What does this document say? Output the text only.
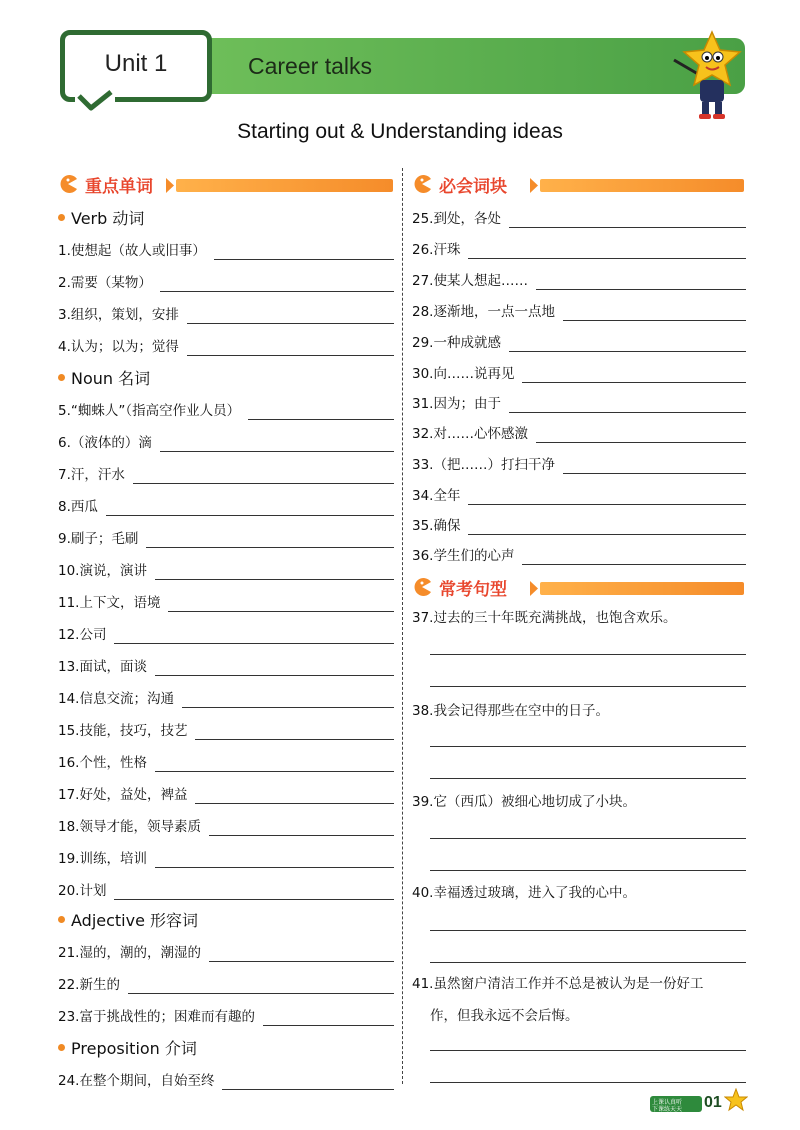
Unit 1	Career talks
Starting out & Understanding ideas
重点单词
Verb 动词
Noun 名词
Adjective 形容词
Preposition 介词
1.使想起（故人或旧事）
2.需要（某物）
3.组织，策划，安排
4.认为；以为；觉得
5.“蜘蛛人”（指高空作业人员）
6.（液体的）滴
7.汗，汗水
8.西瓜
9.刷子；毛刷
10.演说，演讲
11.上下文，语境
12.公司
13.面试，面谈
14.信息交流；沟通
15.技能，技巧，技艺
16.个性，性格
17.好处，益处，裨益
18.领导才能，领导素质
19.训练，培训
20.计划
21.湿的，潮的，潮湿的
22.新生的
23.富于挑战性的；困难而有趣的
24.在整个期间，自始至终
必会词块
25.到处，各处
26.汗珠
27.使某人想起……
28.逐渐地，一点一点地
29.一种成就感
30.向……说再见
31.因为；由于
32.对……心怀感激
33.（把……）打扫干净
34.全年
35.确保
36.学生们的心声
常考句型
37.过去的三十年既充满挑战，也饱含欢乐。
38.我会记得那些在空中的日子。
39.它（西瓜）被细心地切成了小块。
40.幸福透过玻璃，进入了我的心中。
41.虽然窗户清洁工作并不总是被认为是一份好工
作，但我永远不会后悔。
上课认真听
下课练天天 01
